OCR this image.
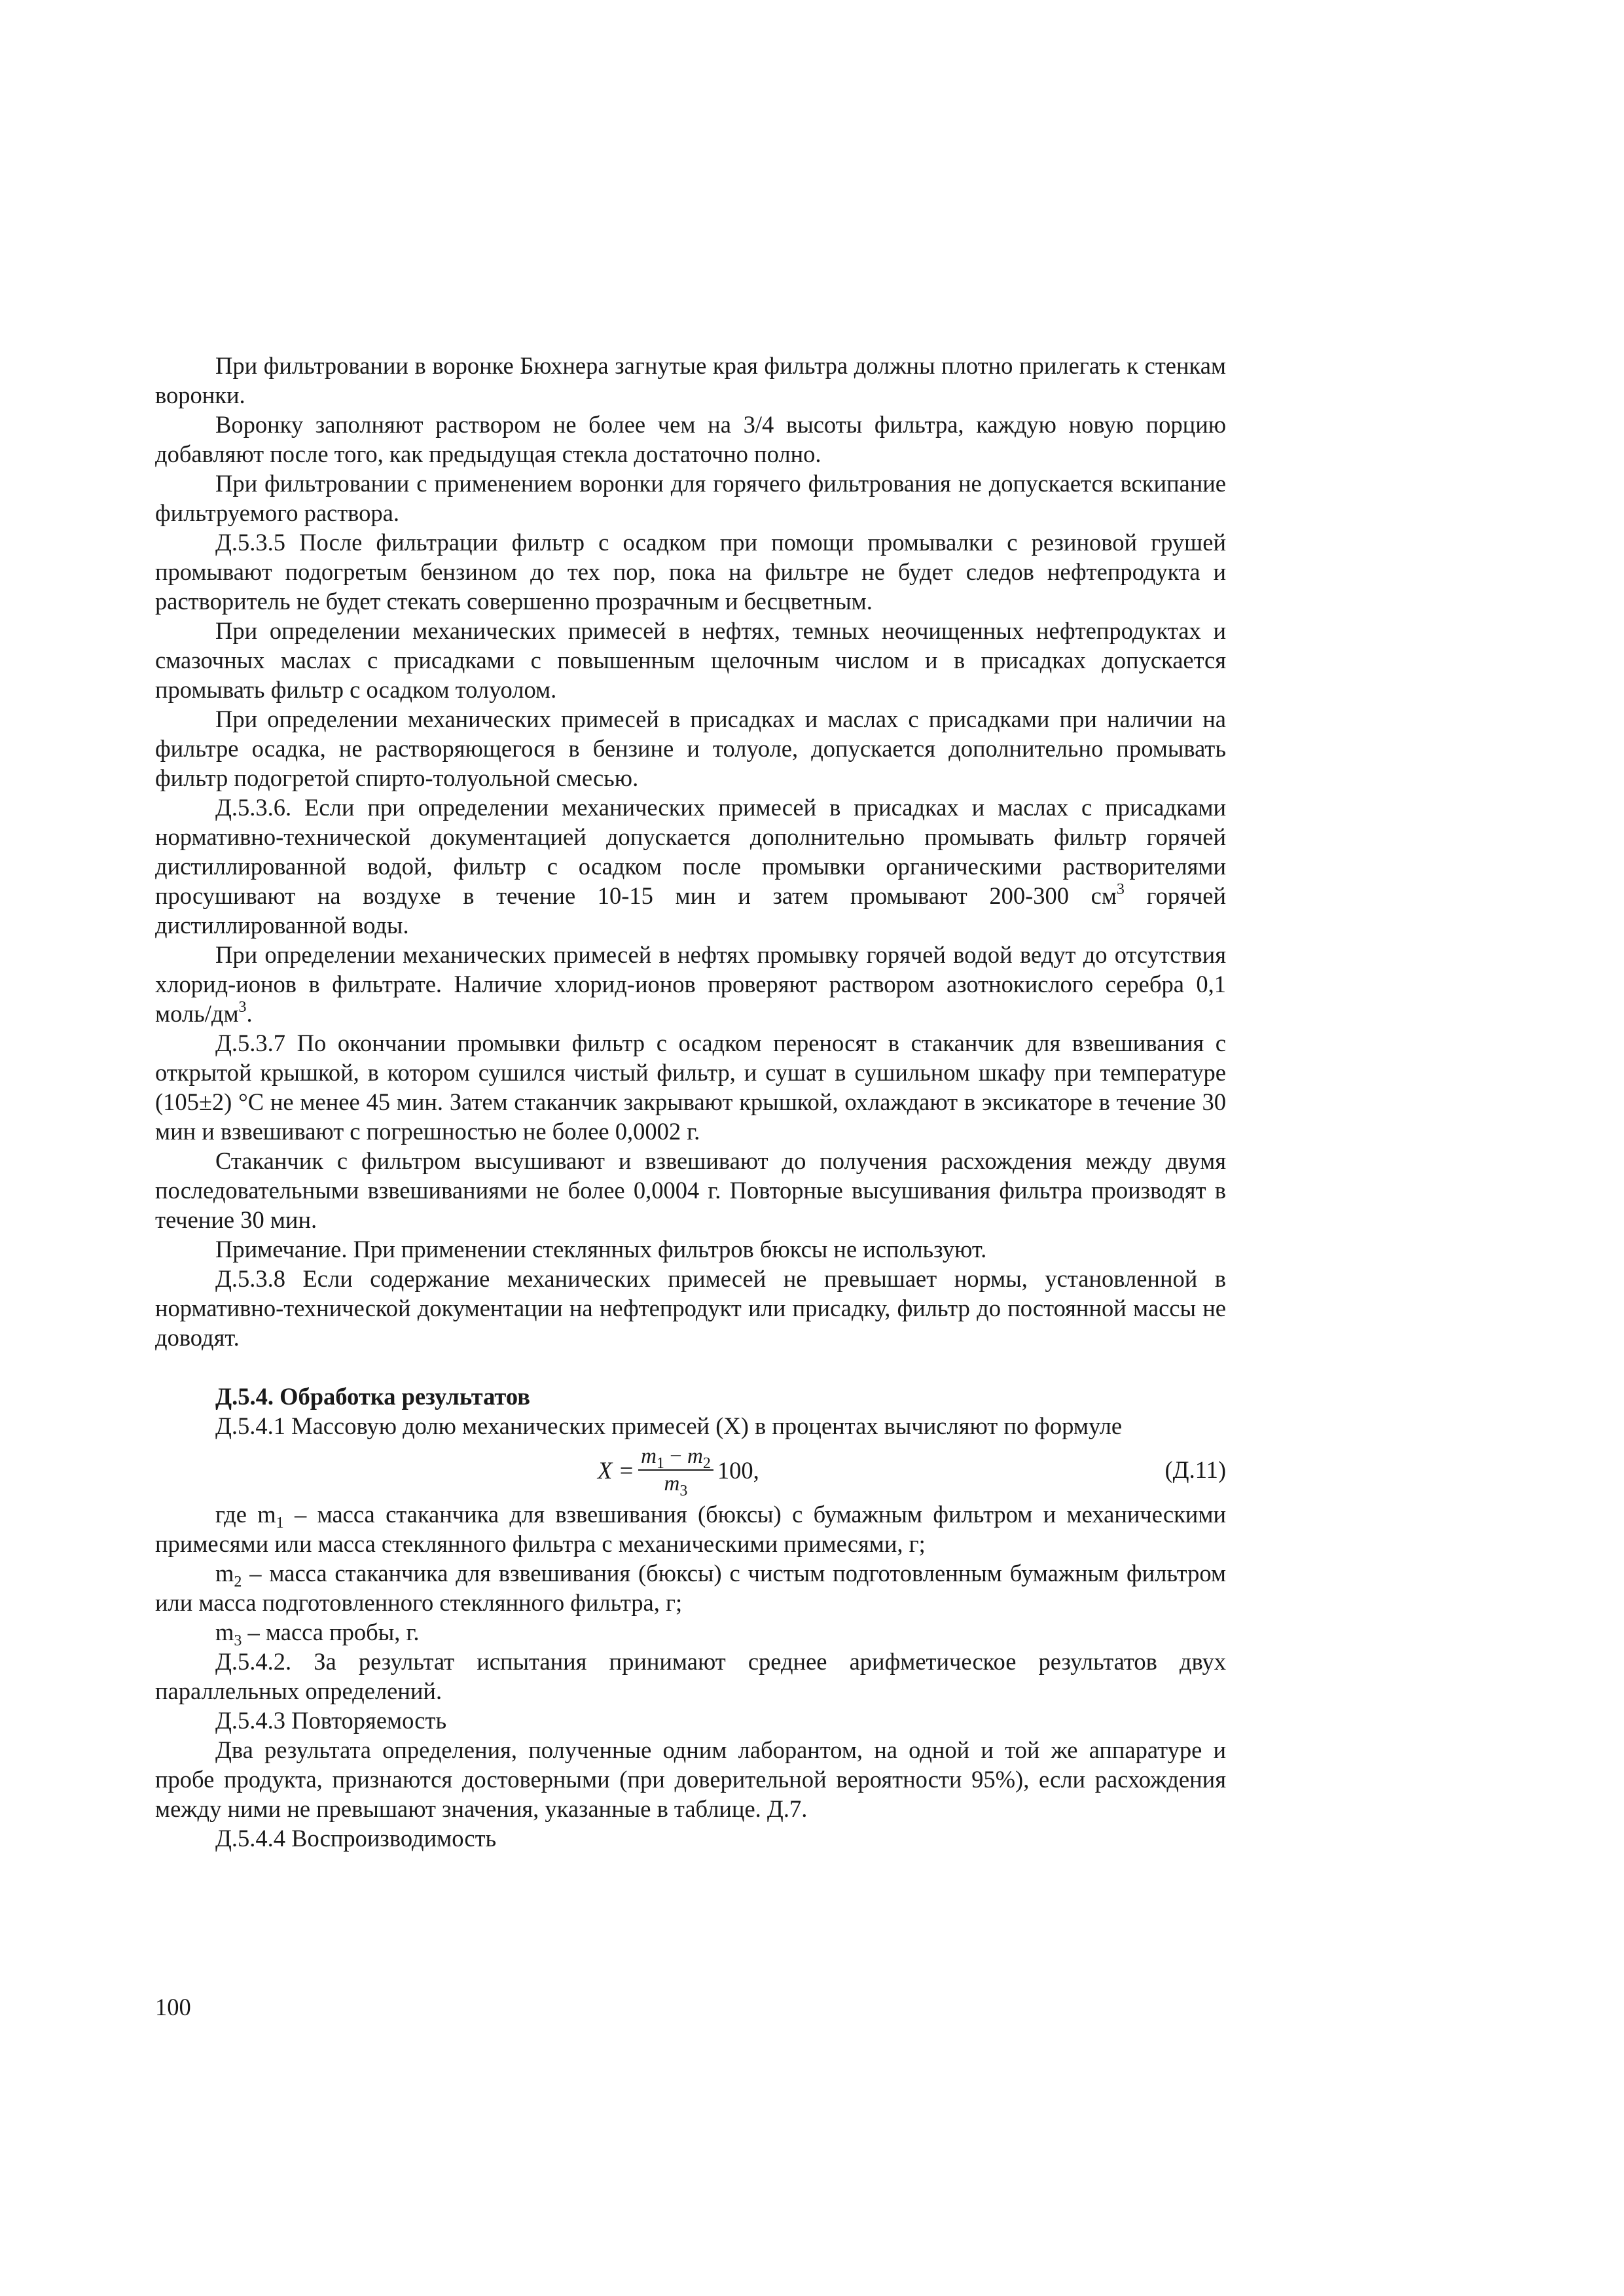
При фильтровании в воронке Бюхнера загнутые края фильтра должны плотно прилегать к стенкам воронки.

Воронку заполняют раствором не более чем на 3/4 высоты фильтра, каждую новую порцию добавляют после того, как предыдущая стекла достаточно полно.

При фильтровании с применением воронки для горячего фильтрования не допускается вскипание фильтруемого раствора.

Д.5.3.5 После фильтрации фильтр с осадком при помощи промывалки с резиновой грушей промывают подогретым бензином до тех пор, пока на фильтре не будет следов нефтепродукта и растворитель не будет стекать совершенно прозрачным и бесцветным.

При определении механических примесей в нефтях, темных неочищенных нефтепродуктах и смазочных маслах с присадками с повышенным щелочным числом и в присадках допускается промывать фильтр с осадком толуолом.

При определении механических примесей в присадках и маслах с присадками при наличии на фильтре осадка, не растворяющегося в бензине и толуоле, допускается дополнительно промывать фильтр подогретой спирто-толуольной смесью.

Д.5.3.6. Если при определении механических примесей в присадках и маслах с присадками нормативно-технической документацией допускается дополнительно промывать фильтр горячей дистиллированной водой, фильтр с осадком после промывки органическими растворителями просушивают на воздухе в течение 10-15 мин и затем промывают 200-300 $см^3$ горячей дистиллированной воды.

При определении механических примесей в нефтях промывку горячей водой ведут до отсутствия хлорид-ионов в фильтрате. Наличие хлорид-ионов проверяют раствором азотнокислого серебра 0,1 моль/$дм^3$.

Д.5.3.7 По окончании промывки фильтр с осадком переносят в стаканчик для взвешивания с открытой крышкой, в котором сушился чистый фильтр, и сушат в сушильном шкафу при температуре (105±2) °С не менее 45 мин. Затем стаканчик закрывают крышкой, охлаждают в эксикаторе в течение 30 мин и взвешивают с погрешностью не более 0,0002 г.

Стаканчик с фильтром высушивают и взвешивают до получения расхождения между двумя последовательными взвешиваниями не более 0,0004 г. Повторные высушивания фильтра производят в течение 30 мин.

Примечание. При применении стеклянных фильтров бюксы не используют.

Д.5.3.8 Если содержание механических примесей не превышает нормы, установленной в нормативно-технической документации на нефтепродукт или присадку, фильтр до постоянной массы не доводят.

Д.5.4. Обработка результатов

Д.5.4.1 Массовую долю механических примесей (X) в процентах вычисляют по формуле

$X = \frac{m_1 - m_2}{m_3} 100$,	(Д.11)

где $m_1$ – масса стаканчика для взвешивания (бюксы) с бумажным фильтром и механическими примесями или масса стеклянного фильтра с механическими примесями, г;

$m_2$ – масса стаканчика для взвешивания (бюксы) с чистым подготовленным бумажным фильтром или масса подготовленного стеклянного фильтра, г;

$m_3$ – масса пробы, г.

Д.5.4.2. За результат испытания принимают среднее арифметическое результатов двух параллельных определений.

Д.5.4.3 Повторяемость

Два результата определения, полученные одним лаборантом, на одной и той же аппаратуре и пробе продукта, признаются достоверными (при доверительной вероятности 95%), если расхождения между ними не превышают значения, указанные в таблице. Д.7.

Д.5.4.4 Воспроизводимость

100
